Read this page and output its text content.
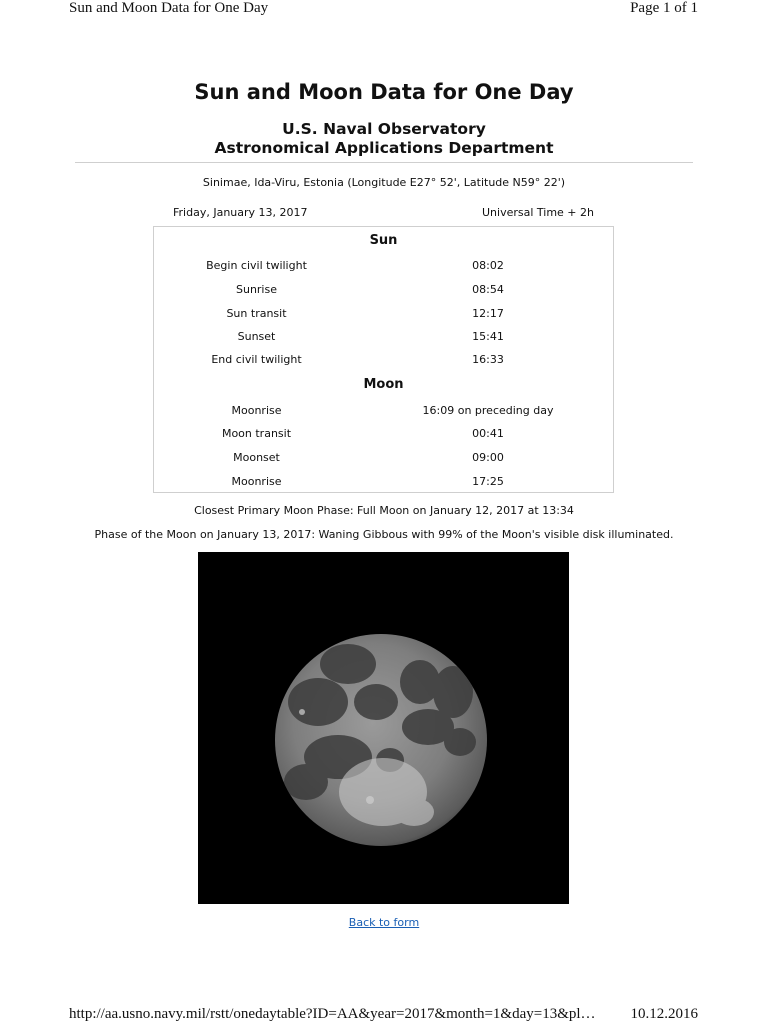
Sun and Moon Data for One Day	Page 1 of 1
Sun and Moon Data for One Day
U.S. Naval Observatory
Astronomical Applications Department
Sinimae, Ida-Viru, Estonia (Longitude E27° 52', Latitude N59° 22')
Friday, January 13, 2017	Universal Time + 2h
Sun
Begin civil twilight	08:02
Sunrise	08:54
Sun transit	12:17
Sunset	15:41
End civil twilight	16:33
Moon
Moonrise	16:09 on preceding day
Moon transit	00:41
Moonset	09:00
Moonrise	17:25
Closest Primary Moon Phase: Full Moon on January 12, 2017 at 13:34
Phase of the Moon on January 13, 2017: Waning Gibbous with 99% of the Moon's visible disk illuminated.
Back to form
http://aa.usno.navy.mil/rstt/onedaytable?ID=AA&year=2017&month=1&day=13&pl… 10.12.2016
